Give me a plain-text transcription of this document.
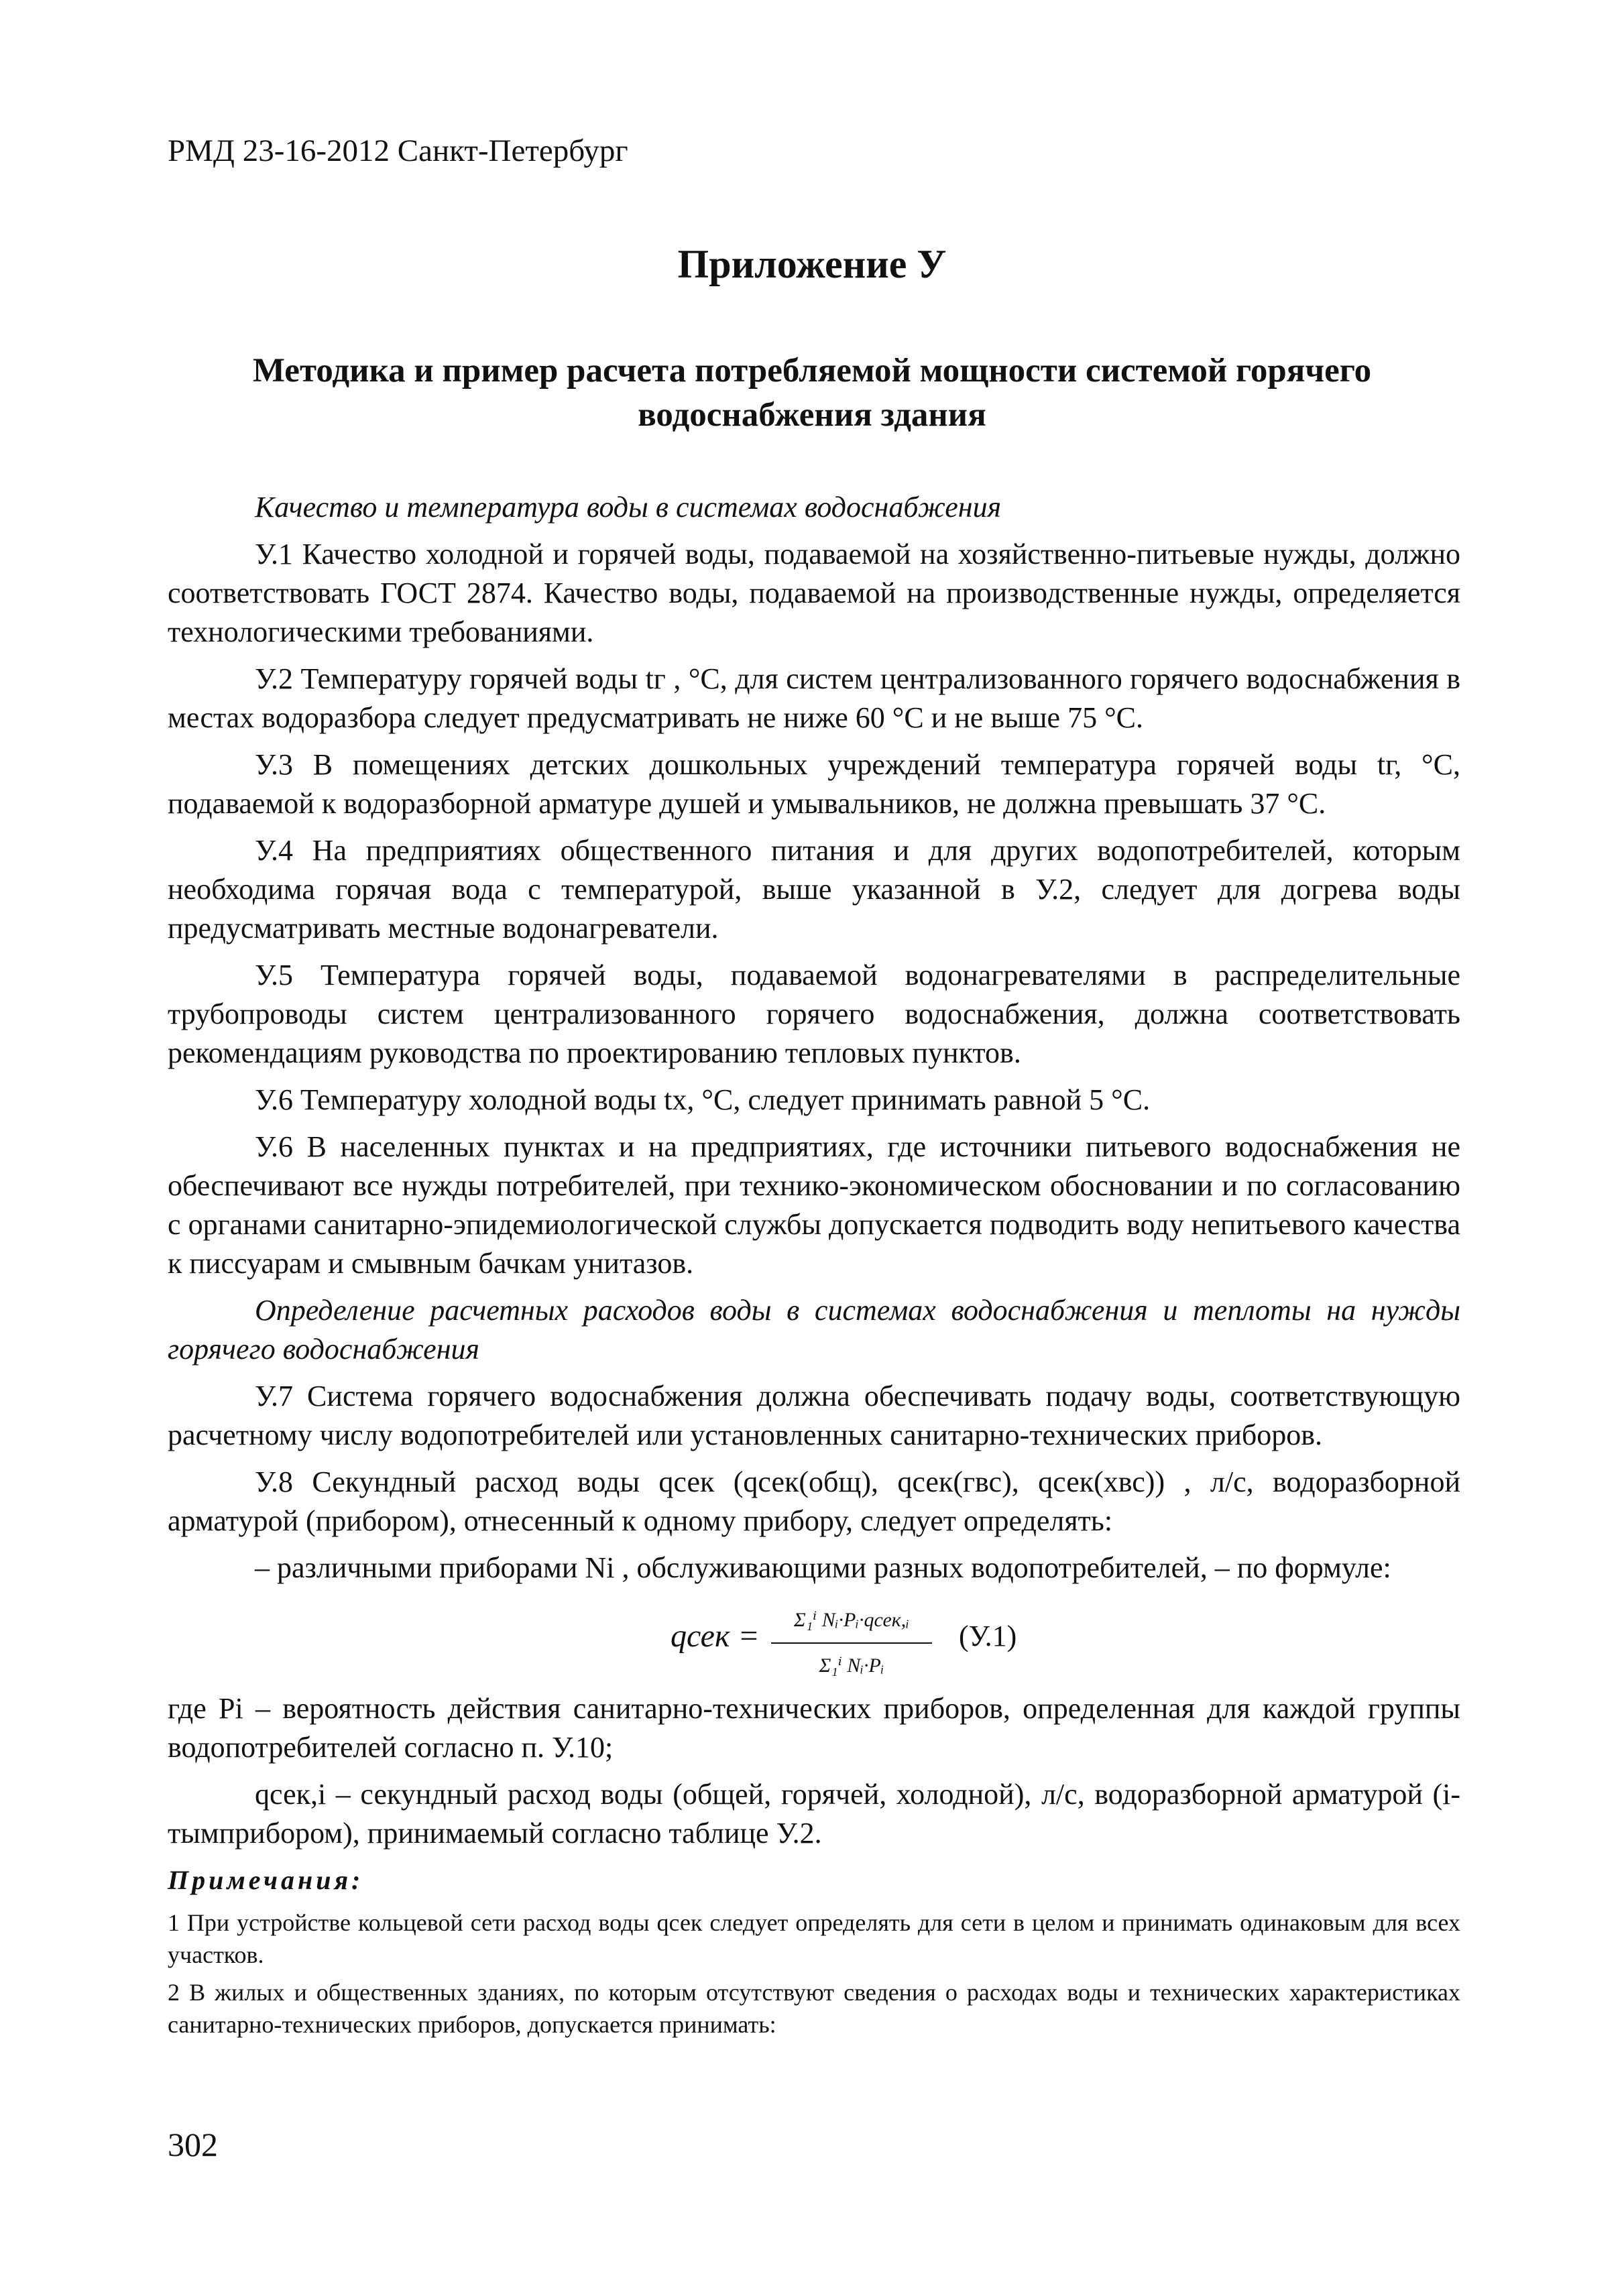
РМД 23-16-2012 Санкт-Петербург
Приложение У
Методика и пример расчета потребляемой мощности системой горячего водоснабжения здания

Качество и температура воды в системах водоснабжения

У.1 Качество холодной и горячей воды, подаваемой на хозяйственно-питьевые нужды, должно соответствовать ГОСТ 2874. Качество воды, подаваемой на производственные нужды, определяется технологическими требованиями.

У.2 Температуру горячей воды tг , °С, для систем централизованного горячего водоснабжения в местах водоразбора следует предусматривать не ниже 60 °С и не выше 75 °С.

У.3 В помещениях детских дошкольных учреждений температура горячей воды tг, °С, подаваемой к водоразборной арматуре душей и умывальников, не должна превышать 37 °С.

У.4 На предприятиях общественного питания и для других водопотребителей, которым необходима горячая вода с температурой, выше указанной в У.2, следует для догрева воды предусматривать местные водонагреватели.

У.5 Температура горячей воды, подаваемой водонагревателями в распределительные трубопроводы систем централизованного горячего водоснабжения, должна соответствовать рекомендациям руководства по проектированию тепловых пунктов.

У.6 Температуру холодной воды tх, °С, следует принимать равной 5 °С.

У.6 В населенных пунктах и на предприятиях, где источники питьевого водоснабжения не обеспечивают все нужды потребителей, при технико-экономическом обосновании и по согласованию с органами санитарно-эпидемиологической службы допускается подводить воду непитьевого качества к писсуарам и смывным бачкам унитазов.

Определение расчетных расходов воды в системах водоснабжения и теплоты на нужды горячего водоснабжения

У.7 Система горячего водоснабжения должна обеспечивать подачу воды, соответствующую расчетному числу водопотребителей или установленных санитарно-технических приборов.

У.8 Секундный расход воды qсек (qсек(общ), qсек(гвс), qсек(хвс)) , л/с, водоразборной арматурой (прибором), отнесенный к одному прибору, следует определять:

– различными приборами Ni , обслуживающими разных водопотребителей, – по формуле:

qсек =	Σ₁ⁱ Nᵢ·Pᵢ·qсек,ᵢ
Σ₁ⁱ Nᵢ·Pᵢ
(У.1)

где Pi – вероятность действия санитарно-технических приборов, определенная для каждой группы водопотребителей согласно п. У.10;

qсек,i – секундный расход воды (общей, горячей, холодной), л/с, водоразборной арматурой (i-тымприбором), принимаемый согласно таблице У.2.

Примечания:

1 При устройстве кольцевой сети расход воды qсек следует определять для сети в целом и принимать одинаковым для всех участков.

2 В жилых и общественных зданиях, по которым отсутствуют сведения о расходах воды и технических характеристиках санитарно-технических приборов, допускается принимать:

302
